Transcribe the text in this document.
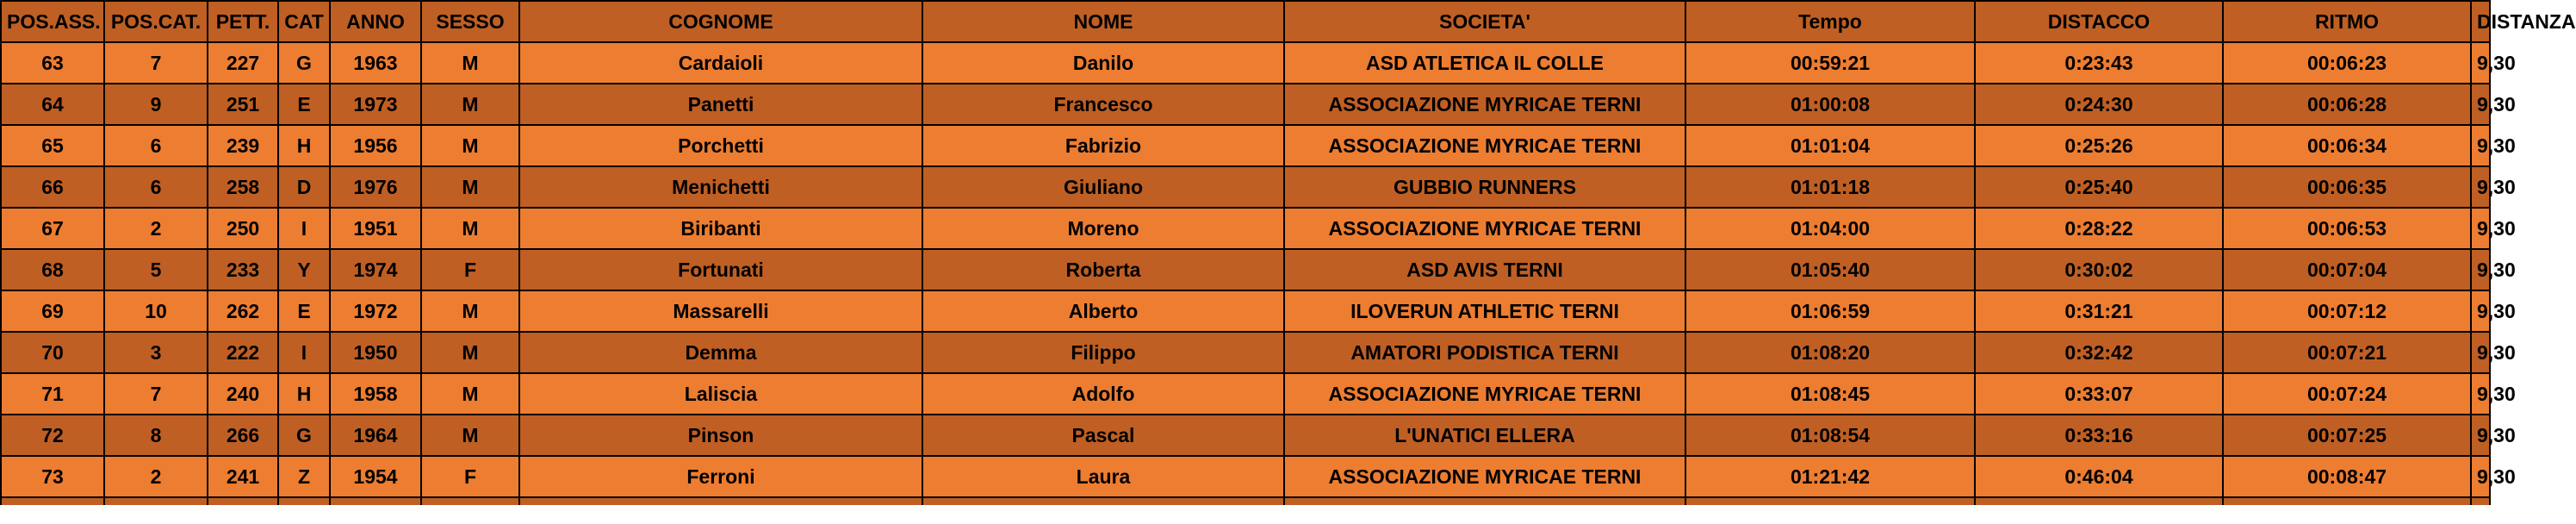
POS.ASS.	POS.CAT.	PETT.	CAT	ANNO	SESSO	COGNOME	NOME	SOCIETA'	Tempo	DISTACCO	RITMO	DISTANZA
63	7	227	G	1963	M	Cardaioli	Danilo	ASD ATLETICA IL COLLE	00:59:21	0:23:43	00:06:23	9,30
64	9	251	E	1973	M	Panetti	Francesco	ASSOCIAZIONE MYRICAE TERNI	01:00:08	0:24:30	00:06:28	9,30
65	6	239	H	1956	M	Porchetti	Fabrizio	ASSOCIAZIONE MYRICAE TERNI	01:01:04	0:25:26	00:06:34	9,30
66	6	258	D	1976	M	Menichetti	Giuliano	GUBBIO RUNNERS	01:01:18	0:25:40	00:06:35	9,30
67	2	250	I	1951	M	Biribanti	Moreno	ASSOCIAZIONE MYRICAE TERNI	01:04:00	0:28:22	00:06:53	9,30
68	5	233	Y	1974	F	Fortunati	Roberta	ASD AVIS TERNI	01:05:40	0:30:02	00:07:04	9,30
69	10	262	E	1972	M	Massarelli	Alberto	ILOVERUN ATHLETIC TERNI	01:06:59	0:31:21	00:07:12	9,30
70	3	222	I	1950	M	Demma	Filippo	AMATORI PODISTICA TERNI	01:08:20	0:32:42	00:07:21	9,30
71	7	240	H	1958	M	Laliscia	Adolfo	ASSOCIAZIONE MYRICAE TERNI	01:08:45	0:33:07	00:07:24	9,30
72	8	266	G	1964	M	Pinson	Pascal	L'UNATICI ELLERA	01:08:54	0:33:16	00:07:25	9,30
73	2	241	Z	1954	F	Ferroni	Laura	ASSOCIAZIONE MYRICAE TERNI	01:21:42	0:46:04	00:08:47	9,30
